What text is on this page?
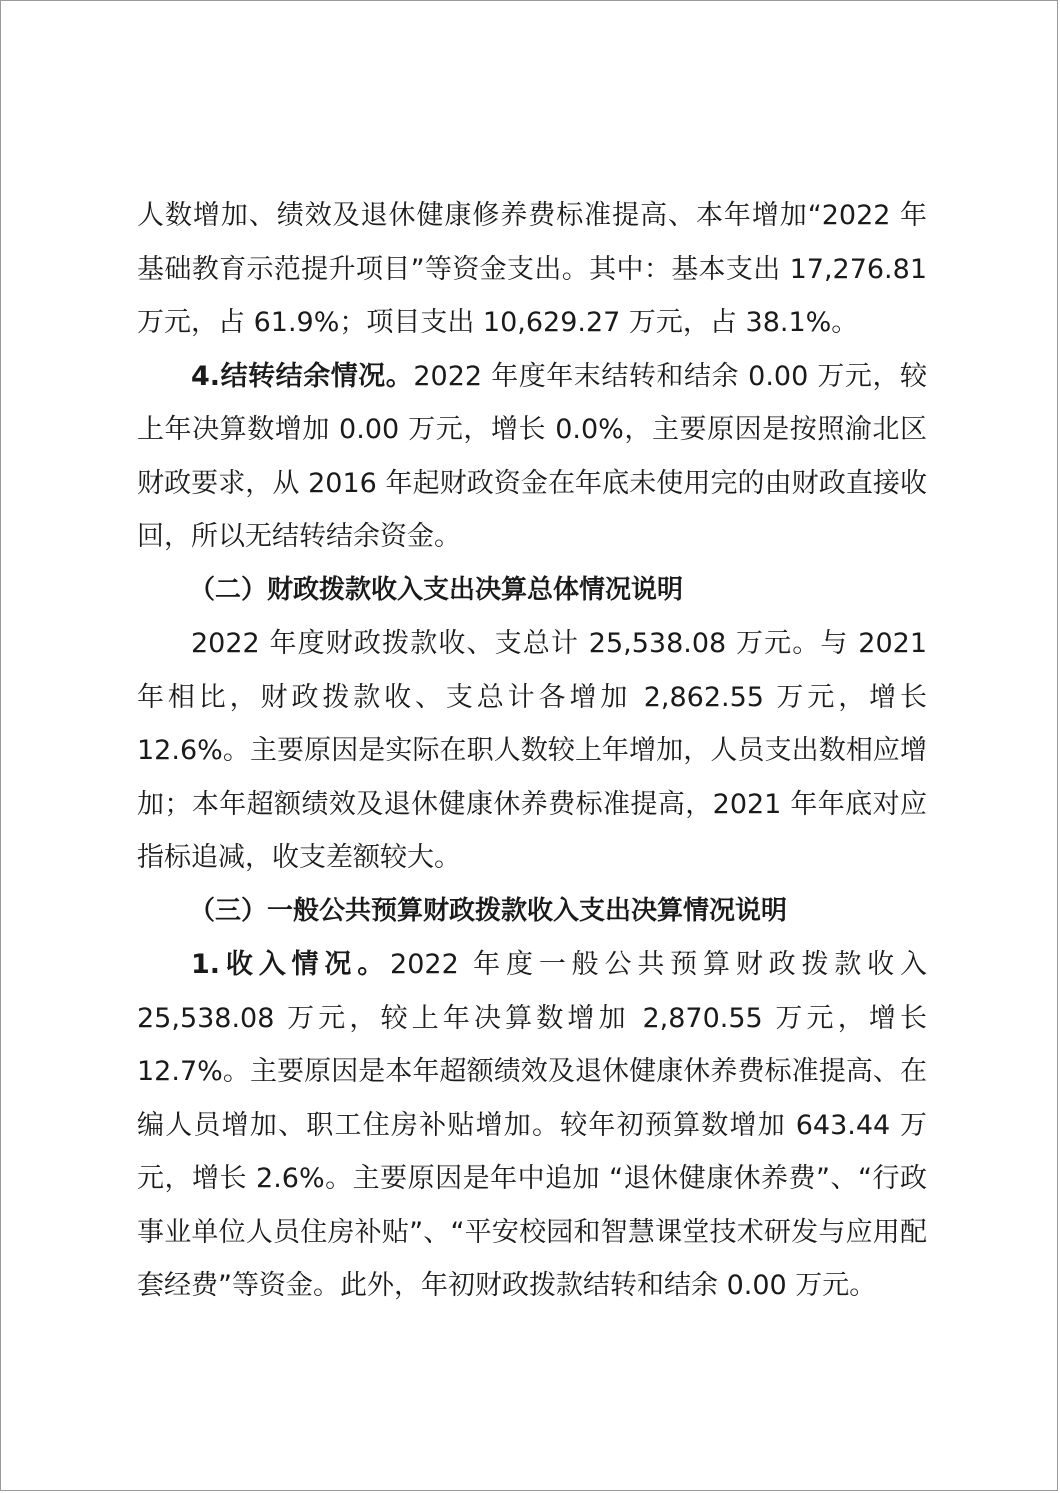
人数增加、绩效及退休健康修养费标准提高、本年增加“2022 年基础教育示范提升项目”等资金支出。其中：基本支出 17,276.81 万元，占 61.9%；项目支出 10,629.27 万元，占 38.1%。

4.结转结余情况。2022 年度年末结转和结余 0.00 万元，较上年决算数增加 0.00 万元，增长 0.0%，主要原因是按照渝北区财政要求，从 2016 年起财政资金在年底未使用完的由财政直接收回，所以无结转结余资金。

（二）财政拨款收入支出决算总体情况说明

2022 年度财政拨款收、支总计 25,538.08 万元。与 2021 年相比，财政拨款收、支总计各增加 2,862.55 万元，增长 12.6%。主要原因是实际在职人数较上年增加，人员支出数相应增加；本年超额绩效及退休健康休养费标准提高，2021 年年底对应指标追减，收支差额较大。

（三）一般公共预算财政拨款收入支出决算情况说明

1.收入情况。2022 年度一般公共预算财政拨款收入 25,538.08 万元，较上年决算数增加 2,870.55 万元，增长 12.7%。主要原因是本年超额绩效及退休健康休养费标准提高、在编人员增加、职工住房补贴增加。较年初预算数增加 643.44 万元，增长 2.6%。主要原因是年中追加 “退休健康休养费”、“行政事业单位人员住房补贴”、“平安校园和智慧课堂技术研发与应用配套经费”等资金。此外，年初财政拨款结转和结余 0.00 万元。
